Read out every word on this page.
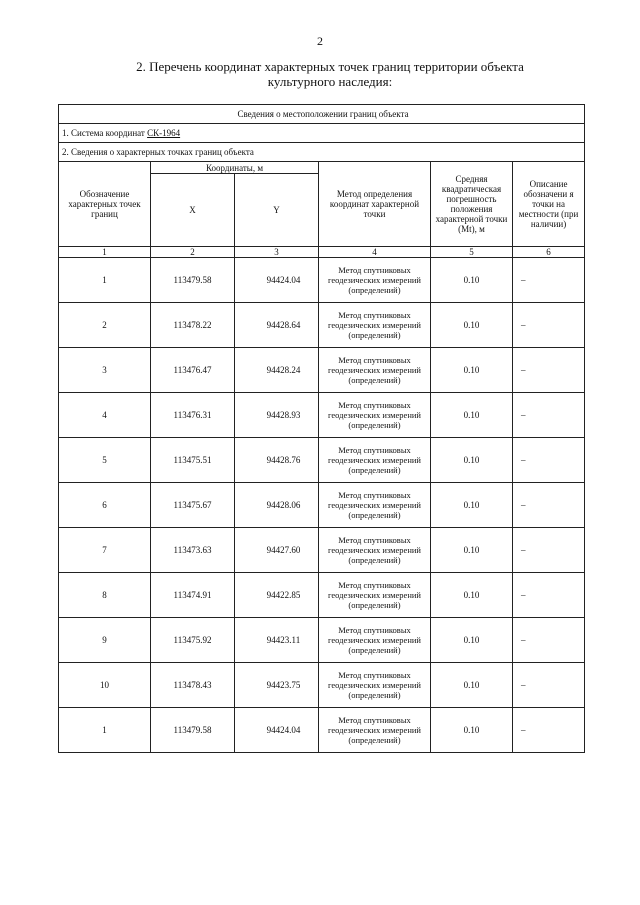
2
2. Перечень координат характерных точек границ территории объекта культурного наследия:
Сведения о местоположении границ объекта					
1. Система координат СК-1964					
2. Сведения о характерных точках границ объекта					
Обозначение характерных точек границ	Координаты, м		Метод определения координат характерной точки	Средняя квадратическая погрешность положения характерной точки (Mt), м	Описание обозначени я точки на местности (при наличии)
	X	Y			
1	2	3	4	5	6
1	113479.58	94424.04	Метод спутниковых геодезических измерений (определений)	0.10	–
2	113478.22	94428.64	Метод спутниковых геодезических измерений (определений)	0.10	–
3	113476.47	94428.24	Метод спутниковых геодезических измерений (определений)	0.10	–
4	113476.31	94428.93	Метод спутниковых геодезических измерений (определений)	0.10	–
5	113475.51	94428.76	Метод спутниковых геодезических измерений (определений)	0.10	–
6	113475.67	94428.06	Метод спутниковых геодезических измерений (определений)	0.10	–
7	113473.63	94427.60	Метод спутниковых геодезических измерений (определений)	0.10	–
8	113474.91	94422.85	Метод спутниковых геодезических измерений (определений)	0.10	–
9	113475.92	94423.11	Метод спутниковых геодезических измерений (определений)	0.10	–
10	113478.43	94423.75	Метод спутниковых геодезических измерений (определений)	0.10	–
1	113479.58	94424.04	Метод спутниковых геодезических измерений (определений)	0.10	–
